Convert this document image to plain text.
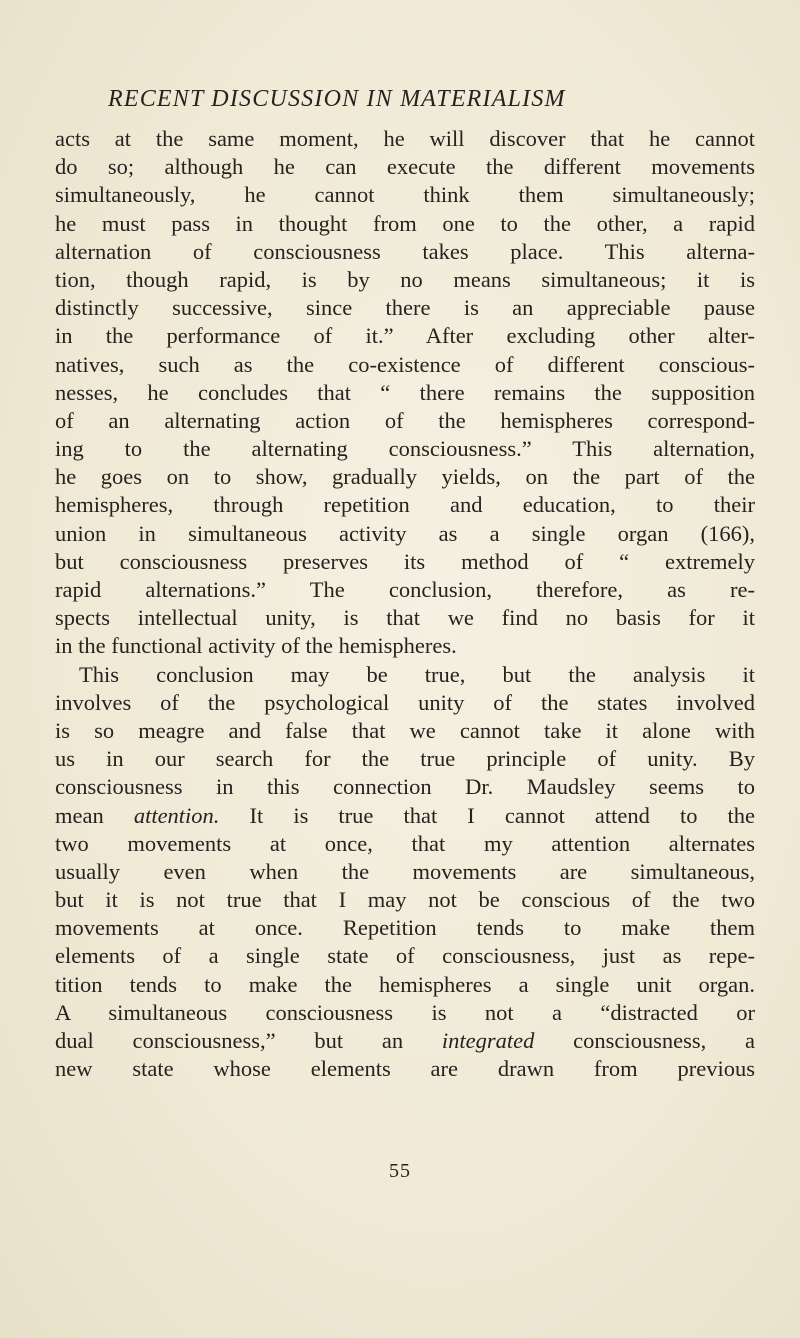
RECENT DISCUSSION IN MATERIALISM
acts at the same moment, he will discover that he cannot
do so; although he can execute the different movements
simultaneously, he cannot think them simultaneously;
he must pass in thought from one to the other, a rapid
alternation of consciousness takes place. This alterna-
tion, though rapid, is by no means simultaneous; it is
distinctly successive, since there is an appreciable pause
in the performance of it.” After excluding other alter-
natives, such as the co-existence of different conscious-
nesses, he concludes that “ there remains the supposition
of an alternating action of the hemispheres correspond-
ing to the alternating consciousness.” This alternation,
he goes on to show, gradually yields, on the part of the
hemispheres, through repetition and education, to their
union in simultaneous activity as a single organ (166),
but consciousness preserves its method of “ extremely
rapid alternations.” The conclusion, therefore, as re-
spects intellectual unity, is that we find no basis for it
in the functional activity of the hemispheres.
This conclusion may be true, but the analysis it
involves of the psychological unity of the states involved
is so meagre and false that we cannot take it alone with
us in our search for the true principle of unity. By
consciousness in this connection Dr. Maudsley seems to
mean attention. It is true that I cannot attend to the
two movements at once, that my attention alternates
usually even when the movements are simultaneous,
but it is not true that I may not be conscious of the two
movements at once. Repetition tends to make them
elements of a single state of consciousness, just as repe-
tition tends to make the hemispheres a single unit organ.
A simultaneous consciousness is not a “distracted or
dual consciousness,” but an integrated consciousness, a
new state whose elements are drawn from previous
55
